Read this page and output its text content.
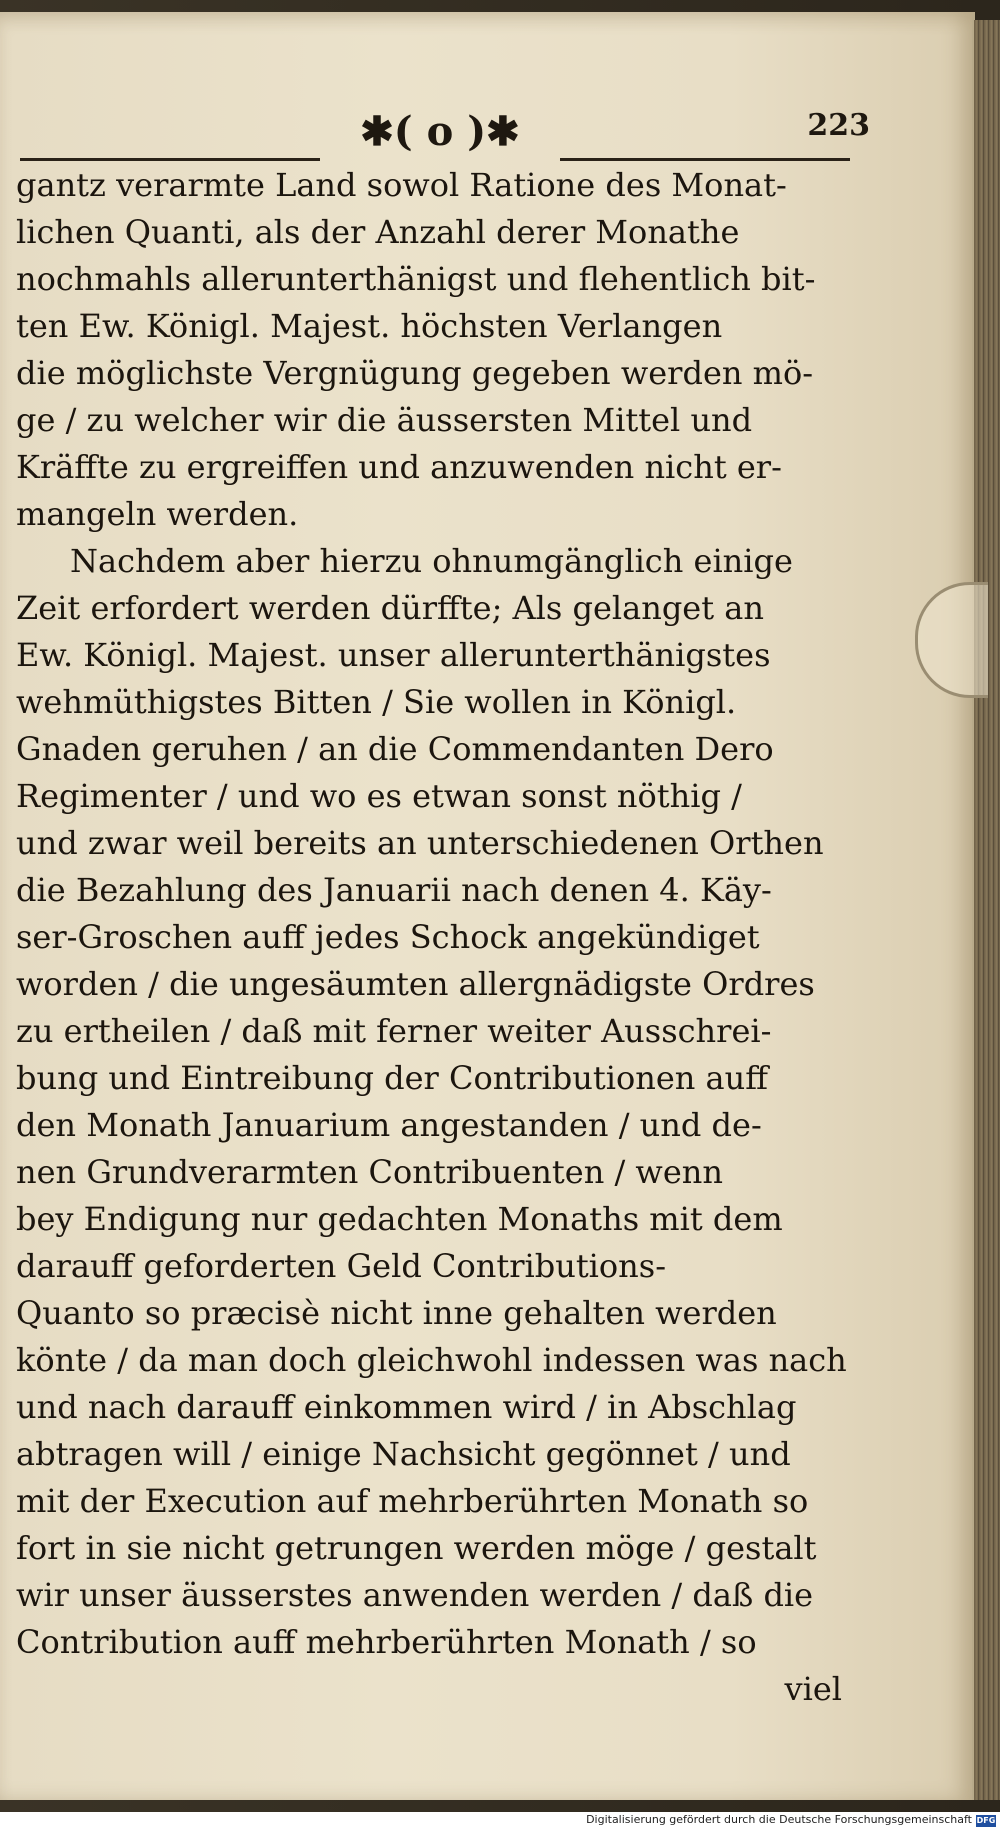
✱( o )✱	223
gantz verarmte Land sowol Ratione des Monat-
lichen Quanti, als der Anzahl derer Monathe
nochmahls allerunterthänigst und flehentlich bit-
ten Ew. Königl. Majest. höchsten Verlangen
die möglichste Vergnügung gegeben werden mö-
ge / zu welcher wir die äussersten Mittel und
Kräffte zu ergreiffen und anzuwenden nicht er-
mangeln werden.
Nachdem aber hierzu ohnumgänglich einige
Zeit erfordert werden dürffte; Als gelanget an
Ew. Königl. Majest. unser allerunterthänigstes
wehmüthigstes Bitten / Sie wollen in Königl.
Gnaden geruhen / an die Commendanten Dero
Regimenter / und wo es etwan sonst nöthig /
und zwar weil bereits an unterschiedenen Orthen
die Bezahlung des Januarii nach denen 4. Käy-
ser-Groschen auff jedes Schock angekündiget
worden / die ungesäumten allergnädigste Ordres
zu ertheilen / daß mit ferner weiter Ausschrei-
bung und Eintreibung der Contributionen auff
den Monath Januarium angestanden / und de-
nen Grundverarmten Contribuenten / wenn
bey Endigung nur gedachten Monaths mit dem
darauff geforderten Geld Contributions-
Quanto so præcisè nicht inne gehalten werden
könte / da man doch gleichwohl indessen was nach
und nach darauff einkommen wird / in Abschlag
abtragen will / einige Nachsicht gegönnet / und
mit der Execution auf mehrberührten Monath so
fort in sie nicht getrungen werden möge / gestalt
wir unser äusserstes anwenden werden / daß die
Contribution auff mehrberührten Monath / so
viel
Digitalisierung gefördert durch die Deutsche Forschungsgemeinschaft DFG
